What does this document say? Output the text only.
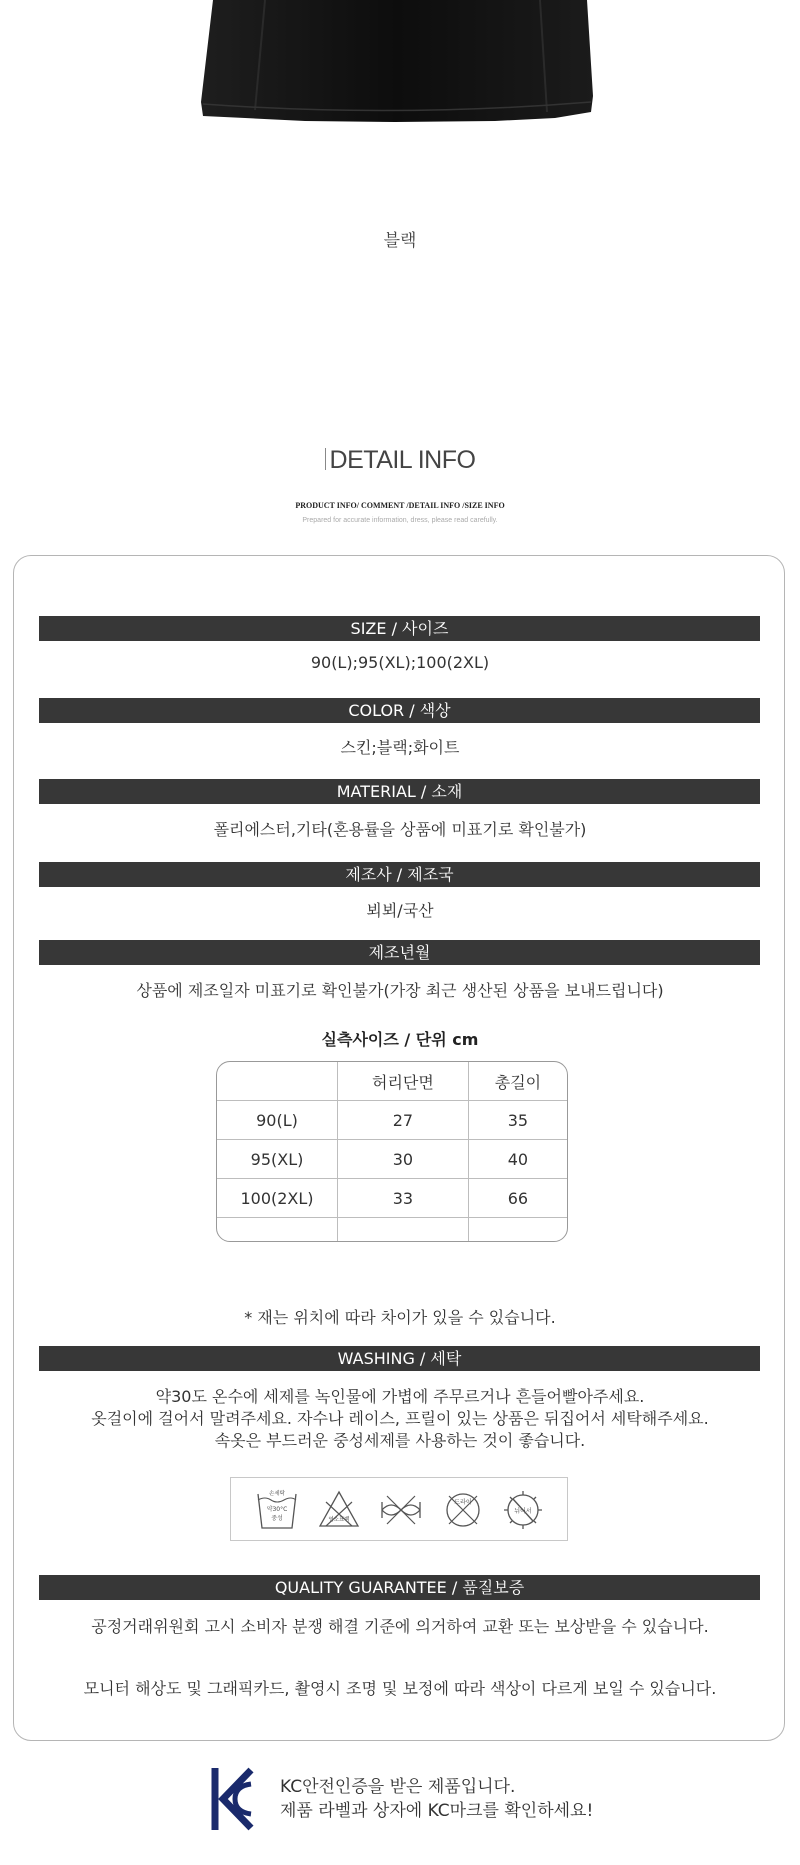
블랙
DETAIL INFO
PRODUCT INFO/ COMMENT /DETAIL INFO /SIZE INFO
Prepared for accurate information, dress, please read carefully.
SIZE / 사이즈
90(L);95(XL);100(2XL)
COLOR / 색상
스킨;블랙;화이트
MATERIAL / 소재
폴리에스터,기타(혼용률을 상품에 미표기로 확인불가)
제조사 / 제조국
뵈뵈/국산
제조년월
상품에 제조일자 미표기로 확인불가(가장 최근 생산된 상품을 보내드립니다)
실측사이즈 / 단위 cm
	허리단면	총길이
90(L)	27	35
95(XL)	30	40
100(2XL)	33	66

* 재는 위치에 따라 차이가 있을 수 있습니다.
WASHING / 세탁
약30도 온수에 세제를 녹인물에 가볍에 주무르거나 흔들어빨아주세요.
옷걸이에 걸어서 말려주세요. 자수나 레이스, 프릴이 있는 상품은 뒤집어서 세탁해주세요.
속옷은 부드러운 중성세제를 사용하는 것이 좋습니다.
손세탁
약30°C
중성	염소표백
드라이
뉘어서
QUALITY GUARANTEE / 품질보증
공정거래위원회 고시 소비자 분쟁 해결 기준에 의거하여 교환 또는 보상받을 수 있습니다.
모니터 해상도 및 그래픽카드, 촬영시 조명 및 보정에 따라 색상이 다르게 보일 수 있습니다.
KC안전인증을 받은 제품입니다.
제품 라벨과 상자에 KC마크를 확인하세요!
